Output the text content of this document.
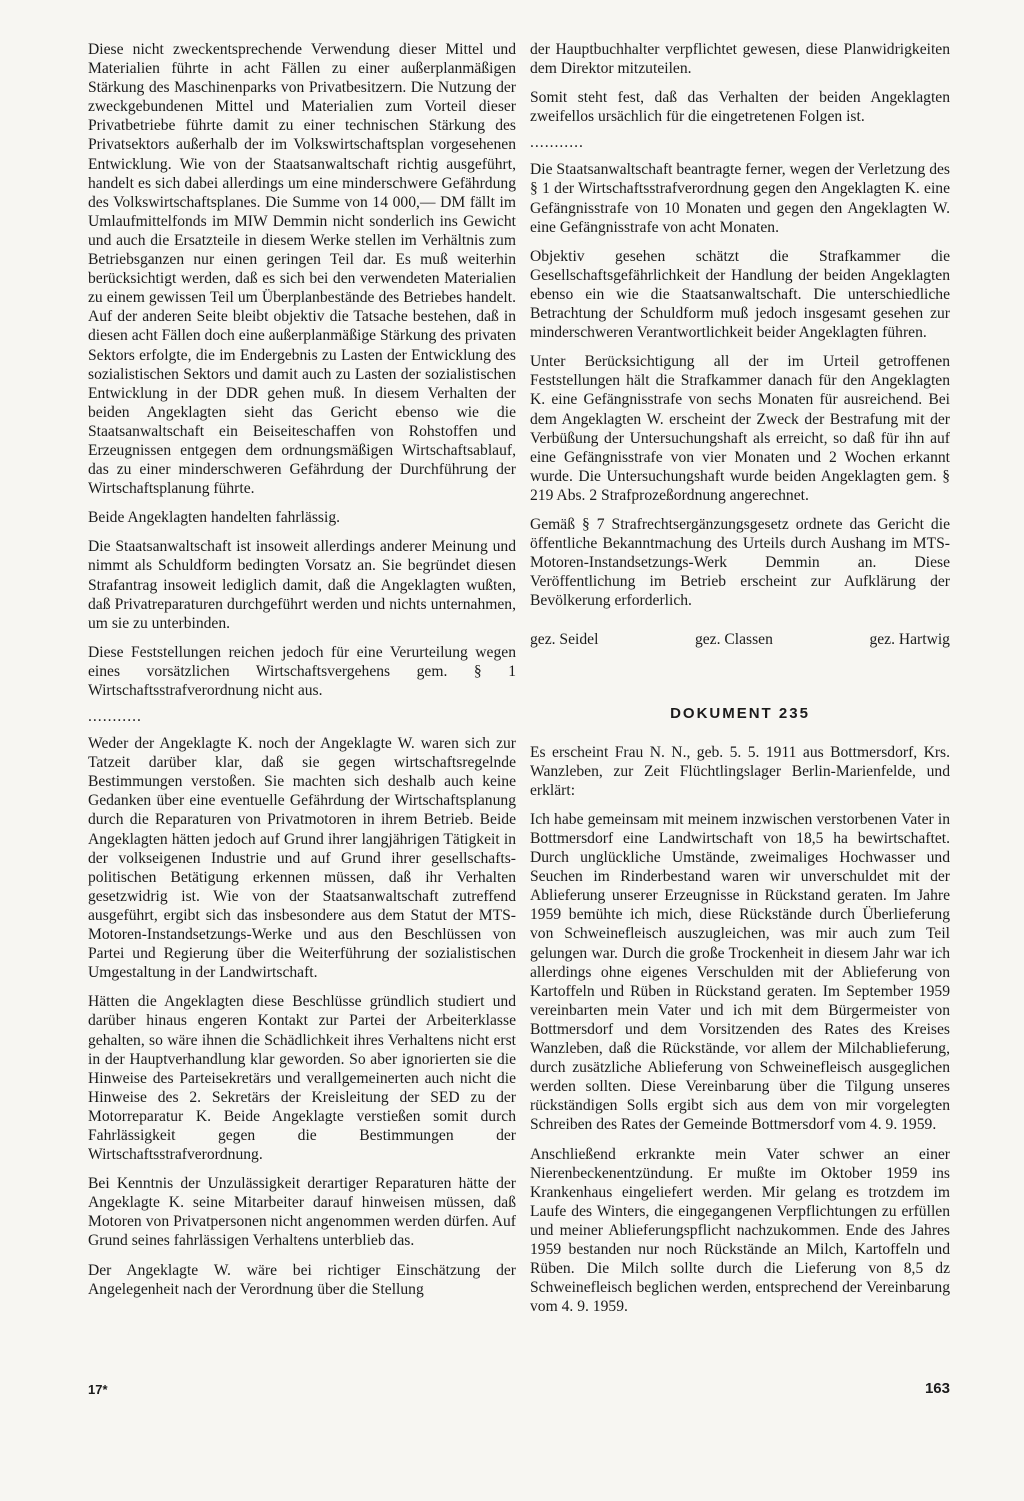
Diese nicht zweckentsprechende Verwendung dieser Mittel und Materialien führte in acht Fällen zu einer außerplanmäßigen Stärkung des Maschinenparks von Privatbesitzern. Die Nutzung der zweckgebundenen Mittel und Materialien zum Vorteil dieser Privatbetriebe führte damit zu einer technischen Stärkung des Privatsektors außerhalb der im Volkswirtschaftsplan vorgesehenen Entwicklung. Wie von der Staatsanwaltschaft richtig ausgeführt, handelt es sich dabei allerdings um eine minderschwere Gefährdung des Volkswirtschaftsplanes. Die Summe von 14 000,— DM fällt im Umlaufmittelfonds im MIW Demmin nicht sonderlich ins Gewicht und auch die Ersatzteile in diesem Werke stellen im Verhältnis zum Betriebsganzen nur einen geringen Teil dar. Es muß weiterhin berücksichtigt werden, daß es sich bei den verwendeten Materialien zu einem gewissen Teil um Überplanbestände des Betriebes handelt. Auf der anderen Seite bleibt objektiv die Tatsache bestehen, daß in diesen acht Fällen doch eine außerplanmäßige Stärkung des privaten Sektors erfolgte, die im Endergebnis zu Lasten der Entwicklung des sozialistischen Sektors und damit auch zu Lasten der sozialistischen Entwicklung in der DDR gehen muß. In diesem Verhalten der beiden Angeklagten sieht das Gericht ebenso wie die Staatsanwaltschaft ein Beiseiteschaffen von Rohstoffen und Erzeugnissen entgegen dem ordnungsmäßigen Wirtschaftsablauf, das zu einer minderschweren Gefährdung der Durchführung der Wirtschaftsplanung führte.

Beide Angeklagten handelten fahrlässig.

Die Staatsanwaltschaft ist insoweit allerdings anderer Meinung und nimmt als Schuldform bedingten Vorsatz an. Sie begründet diesen Strafantrag insoweit lediglich damit, daß die Angeklagten wußten, daß Privatreparaturen durchgeführt werden und nichts unternahmen, um sie zu unterbinden.

Diese Feststellungen reichen jedoch für eine Verurteilung wegen eines vorsätzlichen Wirtschaftsvergehens gem. § 1 Wirtschaftsstrafverordnung nicht aus.

...........

Weder der Angeklagte K. noch der Angeklagte W. waren sich zur Tatzeit darüber klar, daß sie gegen wirtschaftsregelnde Bestimmungen verstoßen. Sie machten sich deshalb auch keine Gedanken über eine eventuelle Gefährdung der Wirtschaftsplanung durch die Reparaturen von Privatmotoren in ihrem Betrieb. Beide Angeklagten hätten jedoch auf Grund ihrer langjährigen Tätigkeit in der volkseigenen Industrie und auf Grund ihrer gesellschafts-politischen Betätigung erkennen müssen, daß ihr Verhalten gesetzwidrig ist. Wie von der Staatsanwaltschaft zutreffend ausgeführt, ergibt sich das insbesondere aus dem Statut der MTS-Motoren-Instandsetzungs-Werke und aus den Beschlüssen von Partei und Regierung über die Weiterführung der sozialistischen Umgestaltung in der Landwirtschaft.

Hätten die Angeklagten diese Beschlüsse gründlich studiert und darüber hinaus engeren Kontakt zur Partei der Arbeiterklasse gehalten, so wäre ihnen die Schädlichkeit ihres Verhaltens nicht erst in der Hauptverhandlung klar geworden. So aber ignorierten sie die Hinweise des Parteisekretärs und verallgemeinerten auch nicht die Hinweise des 2. Sekretärs der Kreisleitung der SED zu der Motorreparatur K. Beide Angeklagte verstießen somit durch Fahrlässigkeit gegen die Bestimmungen der Wirtschaftsstrafverordnung.

Bei Kenntnis der Unzulässigkeit derartiger Reparaturen hätte der Angeklagte K. seine Mitarbeiter darauf hinweisen müssen, daß Motoren von Privatpersonen nicht angenommen werden dürfen. Auf Grund seines fahrlässigen Verhaltens unterblieb das.

Der Angeklagte W. wäre bei richtiger Einschätzung der Angelegenheit nach der Verordnung über die Stellung

der Hauptbuchhalter verpflichtet gewesen, diese Planwidrigkeiten dem Direktor mitzuteilen.

Somit steht fest, daß das Verhalten der beiden Angeklagten zweifellos ursächlich für die eingetretenen Folgen ist.

...........

Die Staatsanwaltschaft beantragte ferner, wegen der Verletzung des § 1 der Wirtschaftsstrafverordnung gegen den Angeklagten K. eine Gefängnisstrafe von 10 Monaten und gegen den Angeklagten W. eine Gefängnisstrafe von acht Monaten.

Objektiv gesehen schätzt die Strafkammer die Gesellschaftsgefährlichkeit der Handlung der beiden Angeklagten ebenso ein wie die Staatsanwaltschaft. Die unterschiedliche Betrachtung der Schuldform muß jedoch insgesamt gesehen zur minderschweren Verantwortlichkeit beider Angeklagten führen.

Unter Berücksichtigung all der im Urteil getroffenen Feststellungen hält die Strafkammer danach für den Angeklagten K. eine Gefängnisstrafe von sechs Monaten für ausreichend. Bei dem Angeklagten W. erscheint der Zweck der Bestrafung mit der Verbüßung der Untersuchungshaft als erreicht, so daß für ihn auf eine Gefängnisstrafe von vier Monaten und 2 Wochen erkannt wurde. Die Untersuchungshaft wurde beiden Angeklagten gem. § 219 Abs. 2 Strafprozeßordnung angerechnet.

Gemäß § 7 Strafrechtsergänzungsgesetz ordnete das Gericht die öffentliche Bekanntmachung des Urteils durch Aushang im MTS-Motoren-Instandsetzungs-Werk Demmin an. Diese Veröffentlichung im Betrieb erscheint zur Aufklärung der Bevölkerung erforderlich.

gez. Seidel	gez. Classen	gez. Hartwig
DOKUMENT 235

Es erscheint Frau N. N., geb. 5. 5. 1911 aus Bottmersdorf, Krs. Wanzleben, zur Zeit Flüchtlingslager Berlin-Marienfelde, und erklärt:

Ich habe gemeinsam mit meinem inzwischen verstorbenen Vater in Bottmersdorf eine Landwirtschaft von 18,5 ha bewirtschaftet. Durch unglückliche Umstände, zweimaliges Hochwasser und Seuchen im Rinderbestand waren wir unverschuldet mit der Ablieferung unserer Erzeugnisse in Rückstand geraten. Im Jahre 1959 bemühte ich mich, diese Rückstände durch Überlieferung von Schweinefleisch auszugleichen, was mir auch zum Teil gelungen war. Durch die große Trockenheit in diesem Jahr war ich allerdings ohne eigenes Verschulden mit der Ablieferung von Kartoffeln und Rüben in Rückstand geraten. Im September 1959 vereinbarten mein Vater und ich mit dem Bürgermeister von Bottmersdorf und dem Vorsitzenden des Rates des Kreises Wanzleben, daß die Rückstände, vor allem der Milchablieferung, durch zusätzliche Ablieferung von Schweinefleisch ausgeglichen werden sollten. Diese Vereinbarung über die Tilgung unseres rückständigen Solls ergibt sich aus dem von mir vorgelegten Schreiben des Rates der Gemeinde Bottmersdorf vom 4. 9. 1959.

Anschließend erkrankte mein Vater schwer an einer Nierenbeckenentzündung. Er mußte im Oktober 1959 ins Krankenhaus eingeliefert werden. Mir gelang es trotzdem im Laufe des Winters, die eingegangenen Verpflichtungen zu erfüllen und meiner Ablieferungspflicht nachzukommen. Ende des Jahres 1959 bestanden nur noch Rückstände an Milch, Kartoffeln und Rüben. Die Milch sollte durch die Lieferung von 8,5 dz Schweinefleisch beglichen werden, entsprechend der Vereinbarung vom 4. 9. 1959.

17*	163
